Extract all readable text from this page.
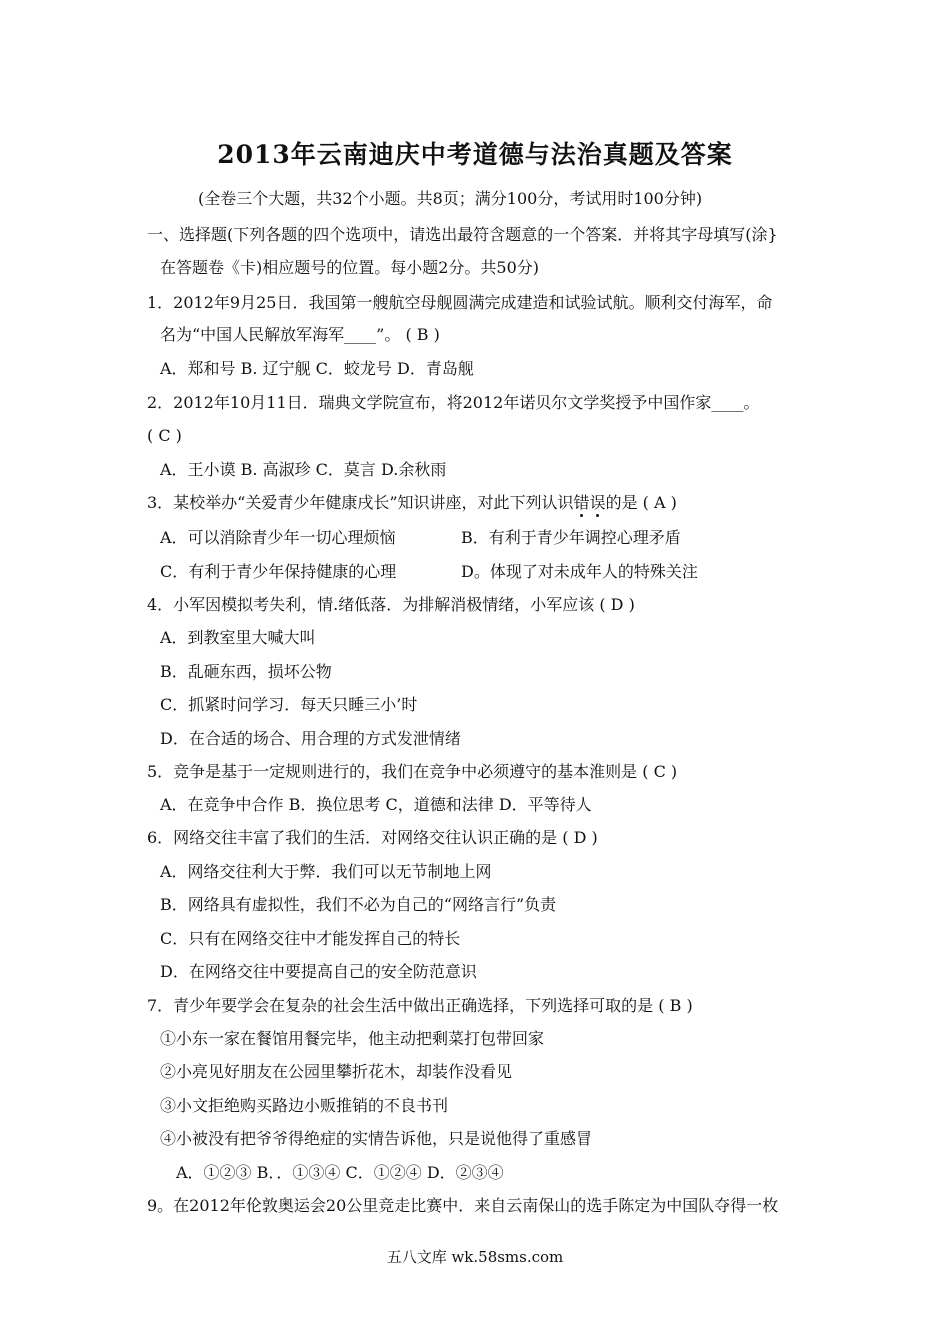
2013年云南迪庆中考道德与法治真题及答案
(全卷三个大题，共32个小题。共8页；满分100分，考试用时100分钟)
一、选择题(下列各题的四个选项中，请选出最符含题意的一个答案．并将其字母填写(涂}
在答题卷《卡)相应题号的位置。每小题2分。共50分)
1．2012年9月25日．我国第一艘航空母舰圆满完成建造和试验试航。顺利交付海军，命
名为“中国人民解放军海军____”。 ( B )
A．郑和号 B. 辽宁舰 C．蛟龙号 D．青岛舰
2．2012年10月11日．瑞典文学院宣布，将2012年诺贝尔文学奖授予中国作家____。
( C )
A．王小谟 B. 高淑珍 C．莫言 D.余秋雨
3．某校举办“关爱青少年健康戌长”知识讲座，对此下列认识错误的是 ( A )
A．可以消除青少年一切心理烦恼	B．有利于青少年调控心理矛盾
C．有利于青少年保持健康的心理	D。体现了对未成年人的特殊关注
4．小军因模拟考失利，情.绪低落．为排解消极情绪，小军应该 ( D )
A．到教室里大喊大叫
B．乱砸东西，损坏公物
C．抓紧时问学习．每天只睡三小’时
D．在合适的场合、用合理的方式发泄情绪
5．竞争是基于一定规则进行的，我们在竞争中必须遵守的基本淮则是 ( C )
A．在竞争中合作 B．换位思考 C，道德和法律 D．平等待人
6．网络交往丰富了我们的生活．对网络交往认识正确的是 ( D )
A．网络交往利大于弊．我们可以无节制地上网
B．网络具有虚拟性，我们不必为自己的“网络言行”负责
C．只有在网络交往中才能发挥自己的特长
D．在网络交往中要提高自己的安全防范意识
7．青少年要学会在复杂的社会生活中做出正确选择，下列选择可取的是 ( B )
①小东一家在餐馆用餐完毕，他主动把剩菜打包带回家
②小亮见好朋友在公园里攀折花木，却装作没看见
③小文拒绝购买路边小贩推销的不良书刊
④小被没有把爷爷得绝症的实情告诉他，只是说他得了重感冒
A．①②③ B．．①③④ C．①②④ D．②③④
9。在2012年伦敦奥运会20公里竞走比赛中．来自云南保山的选手陈定为中国队夺得一枚
五八文库 wk.58sms.com
